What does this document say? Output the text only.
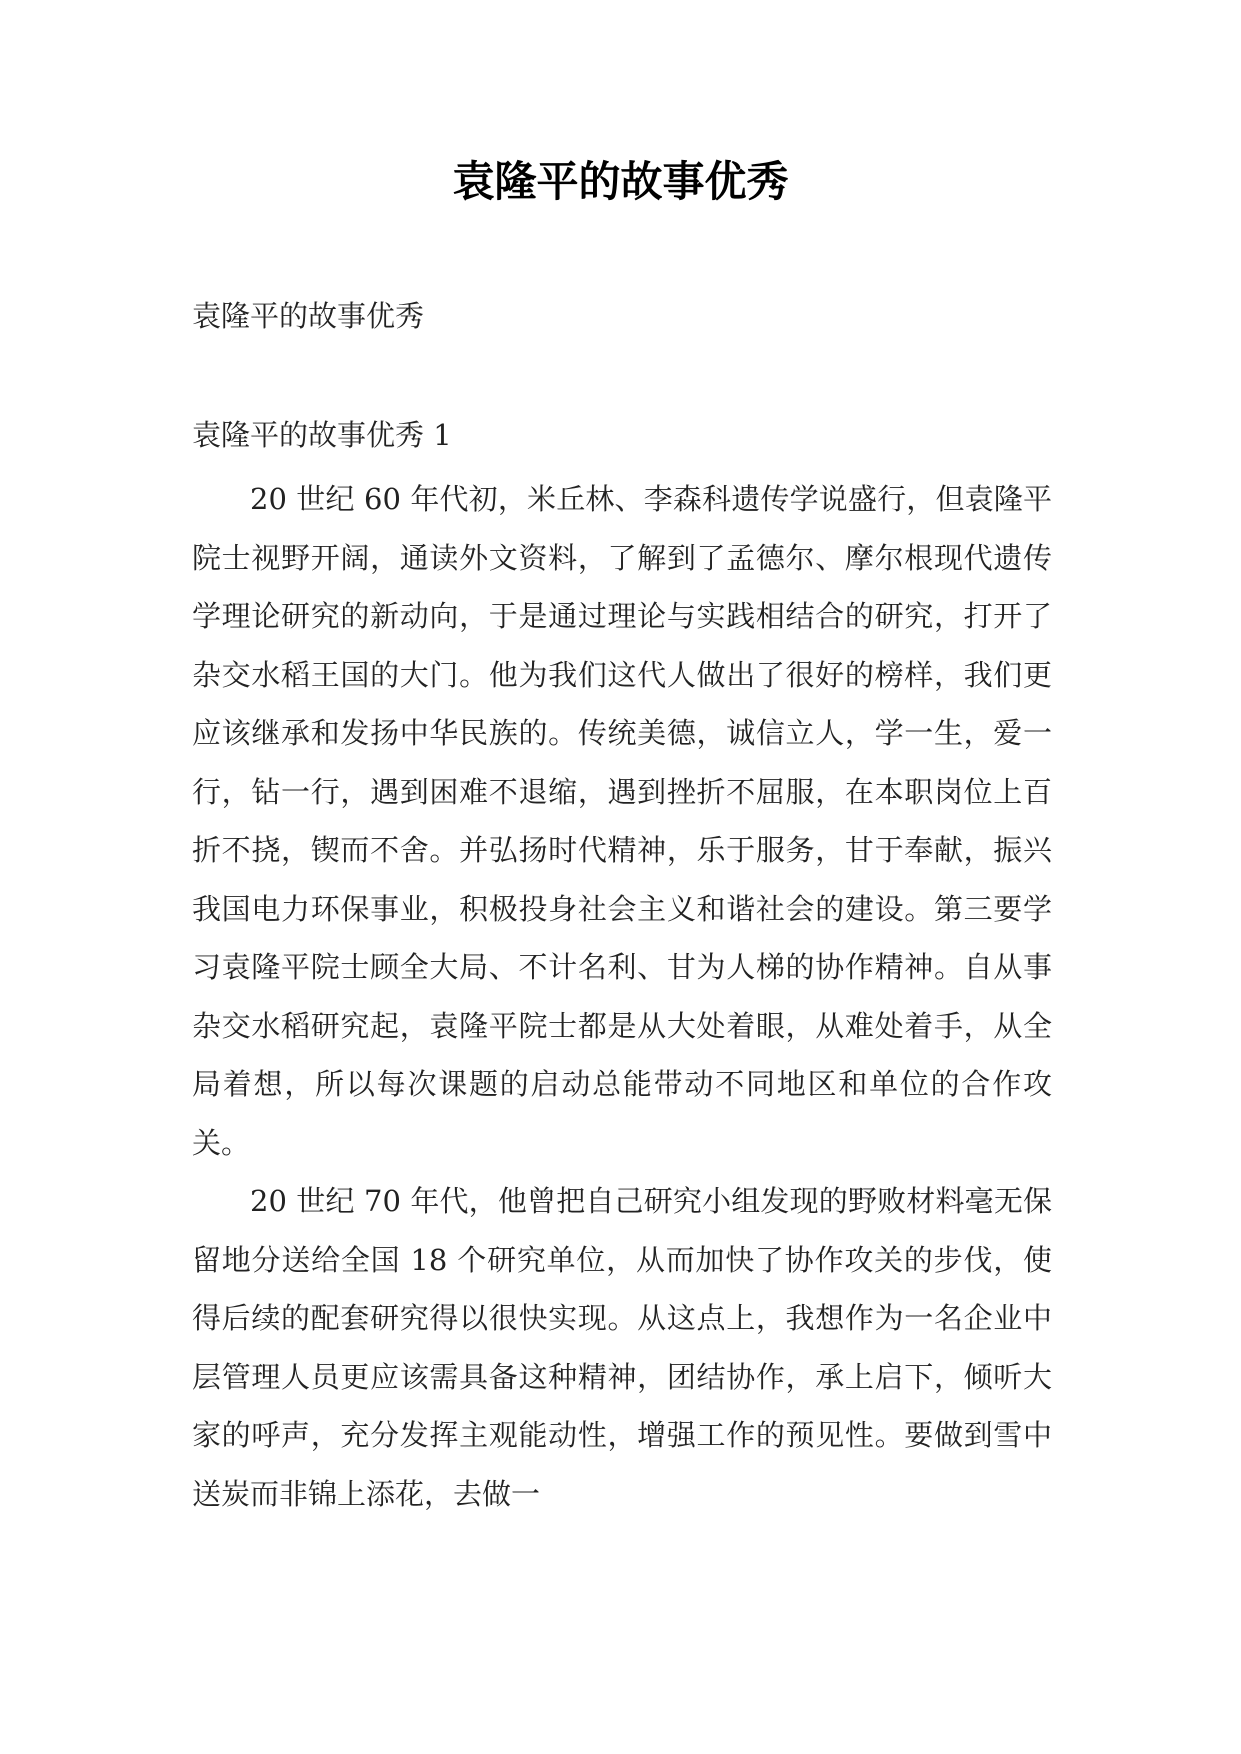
袁隆平的故事优秀

袁隆平的故事优秀

袁隆平的故事优秀 1

20 世纪 60 年代初，米丘林、李森科遗传学说盛行，但袁隆平院士视野开阔，通读外文资料，了解到了孟德尔、摩尔根现代遗传学理论研究的新动向，于是通过理论与实践相结合的研究，打开了杂交水稻王国的大门。他为我们这代人做出了很好的榜样，我们更应该继承和发扬中华民族的。传统美德，诚信立人，学一生，爱一行，钻一行，遇到困难不退缩，遇到挫折不屈服，在本职岗位上百折不挠，锲而不舍。并弘扬时代精神，乐于服务，甘于奉献，振兴我国电力环保事业，积极投身社会主义和谐社会的建设。第三要学习袁隆平院士顾全大局、不计名利、甘为人梯的协作精神。自从事杂交水稻研究起，袁隆平院士都是从大处着眼，从难处着手，从全局着想，所以每次课题的启动总能带动不同地区和单位的合作攻关。

20 世纪 70 年代，他曾把自己研究小组发现的野败材料毫无保留地分送给全国 18 个研究单位，从而加快了协作攻关的步伐，使得后续的配套研究得以很快实现。从这点上，我想作为一名企业中层管理人员更应该需具备这种精神，团结协作，承上启下，倾听大家的呼声，充分发挥主观能动性，增强工作的预见性。要做到雪中送炭而非锦上添花，去做一
